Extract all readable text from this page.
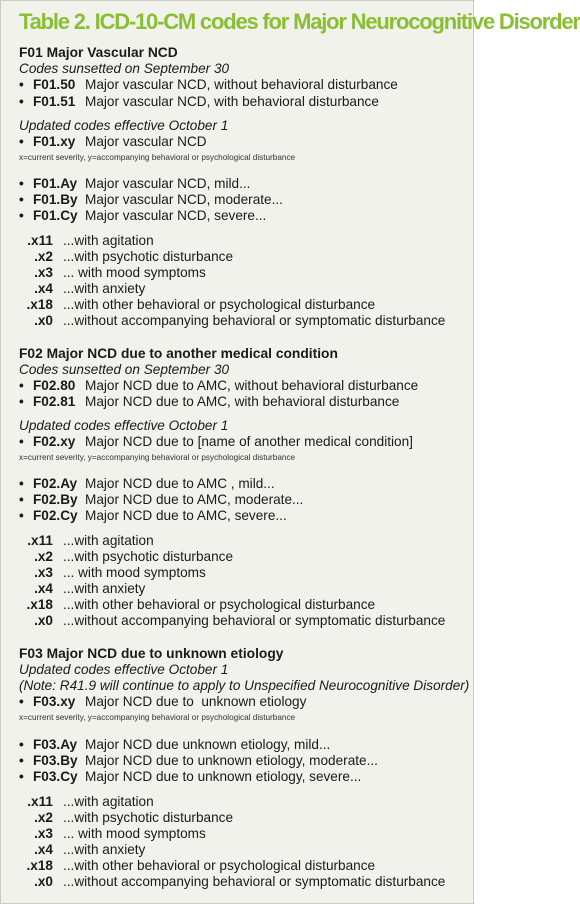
Table 2. ICD-10-CM codes for Major Neurocognitive Disorder
F01 Major Vascular NCD
Codes sunsetted on September 30
• F01.50 Major vascular NCD, without behavioral disturbance
• F01.51 Major vascular NCD, with behavioral disturbance
Updated codes effective October 1
• F01.xy Major vascular NCD
x=current severity, y=accompanying behavioral or psychological disturbance
• F01.Ay Major vascular NCD, mild...
• F01.By Major vascular NCD, moderate...
• F01.Cy Major vascular NCD, severe...
.x11 ...with agitation
.x2 ...with psychotic disturbance
.x3 ... with mood symptoms
.x4 ...with anxiety
.x18 ...with other behavioral or psychological disturbance
.x0 ...without accompanying behavioral or symptomatic disturbance
F02 Major NCD due to another medical condition
Codes sunsetted on September 30
• F02.80 Major NCD due to AMC, without behavioral disturbance
• F02.81 Major NCD due to AMC, with behavioral disturbance
Updated codes effective October 1
• F02.xy Major NCD due to [name of another medical condition]
x=current severity, y=accompanying behavioral or psychological disturbance
• F02.Ay Major NCD due to AMC , mild...
• F02.By Major NCD due to AMC, moderate...
• F02.Cy Major NCD due to AMC, severe...
.x11 ...with agitation
.x2 ...with psychotic disturbance
.x3 ... with mood symptoms
.x4 ...with anxiety
.x18 ...with other behavioral or psychological disturbance
.x0 ...without accompanying behavioral or symptomatic disturbance
F03 Major NCD due to unknown etiology
Updated codes effective October 1
(Note: R41.9 will continue to apply to Unspecified Neurocognitive Disorder)
• F03.xy Major NCD due to  unknown etiology
x=current severity, y=accompanying behavioral or psychological disturbance
• F03.Ay Major NCD due unknown etiology, mild...
• F03.By Major NCD due to unknown etiology, moderate...
• F03.Cy Major NCD due to unknown etiology, severe...
.x11 ...with agitation
.x2 ...with psychotic disturbance
.x3 ... with mood symptoms
.x4 ...with anxiety
.x18 ...with other behavioral or psychological disturbance
.x0 ...without accompanying behavioral or symptomatic disturbance
